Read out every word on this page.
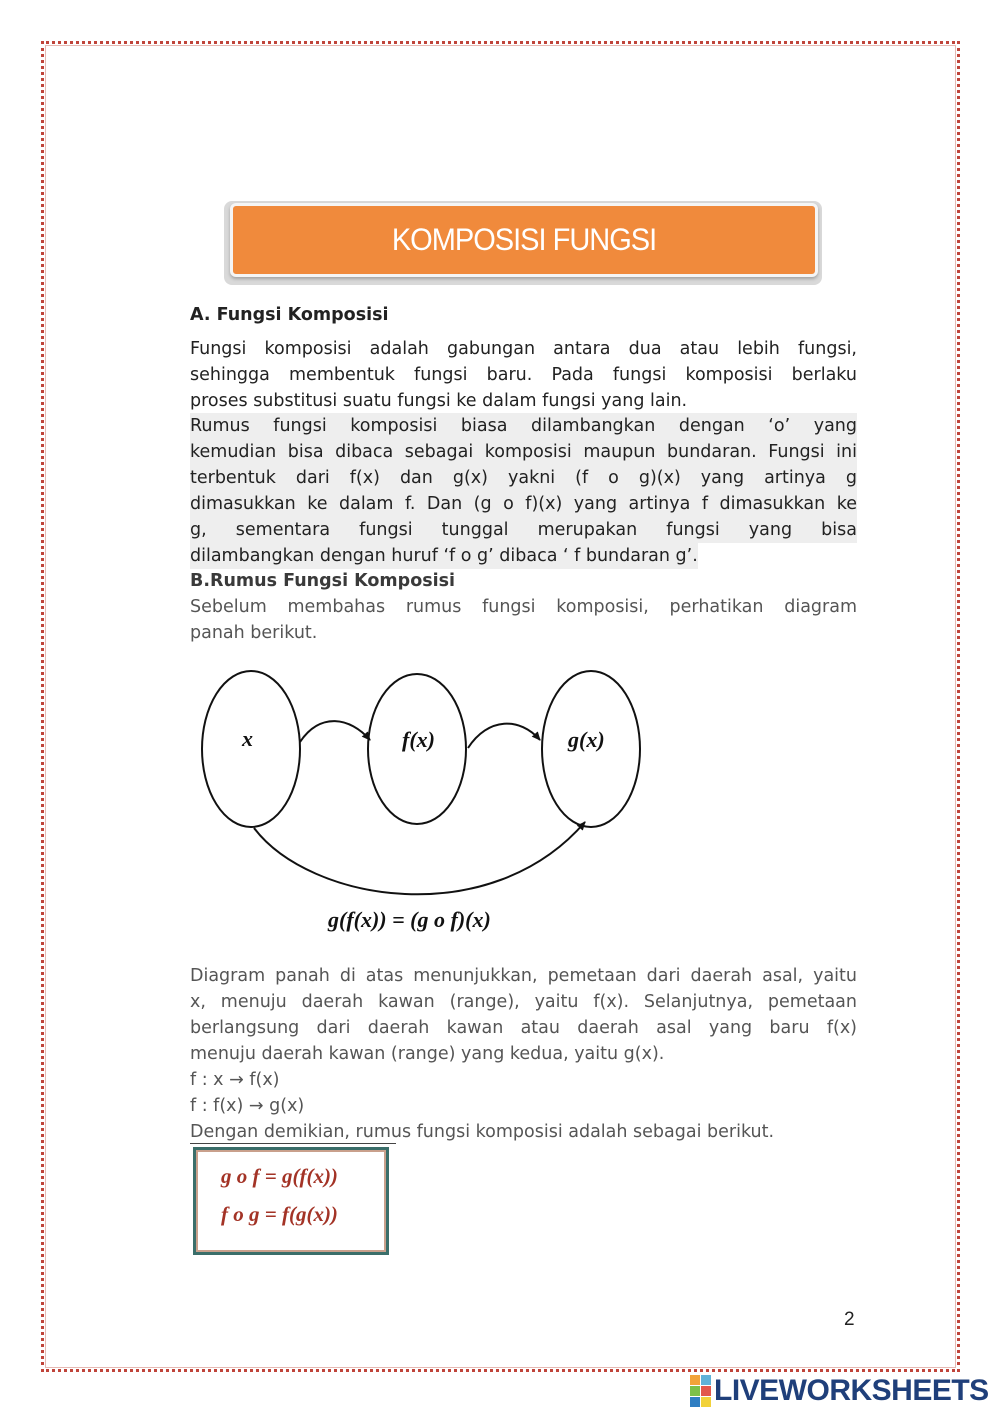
KOMPOSISI FUNGSI
A. Fungsi Komposisi
Fungsi komposisi adalah gabungan antara dua atau lebih fungsi,
sehingga membentuk fungsi baru. Pada fungsi komposisi berlaku
proses substitusi suatu fungsi ke dalam fungsi yang lain.
Rumus fungsi komposisi biasa dilambangkan dengan ‘o’ yang
kemudian bisa dibaca sebagai komposisi maupun bundaran. Fungsi ini
terbentuk dari f(x) dan g(x) yakni (f o g)(x) yang artinya g
dimasukkan ke dalam f. Dan (g o f)(x) yang artinya f dimasukkan ke
g, sementara fungsi tunggal merupakan fungsi yang bisa
dilambangkan dengan huruf ‘f o g’ dibaca ‘ f bundaran g’.
B.Rumus Fungsi Komposisi
Sebelum membahas rumus fungsi komposisi, perhatikan diagram
panah berikut.
x	f(x)	g(x)
g(f(x)) = (g o f)(x)
Diagram panah di atas menunjukkan, pemetaan dari daerah asal, yaitu
x, menuju daerah kawan (range), yaitu f(x). Selanjutnya, pemetaan
berlangsung dari daerah kawan atau daerah asal yang baru f(x)
menuju daerah kawan (range) yang kedua, yaitu g(x).
f : x → f(x)
f : f(x) → g(x)
Dengan demikian, rumus fungsi komposisi adalah sebagai berikut.
g o f = g(f(x))
f o g = f(g(x))
2
LIVEWORKSHEETS
